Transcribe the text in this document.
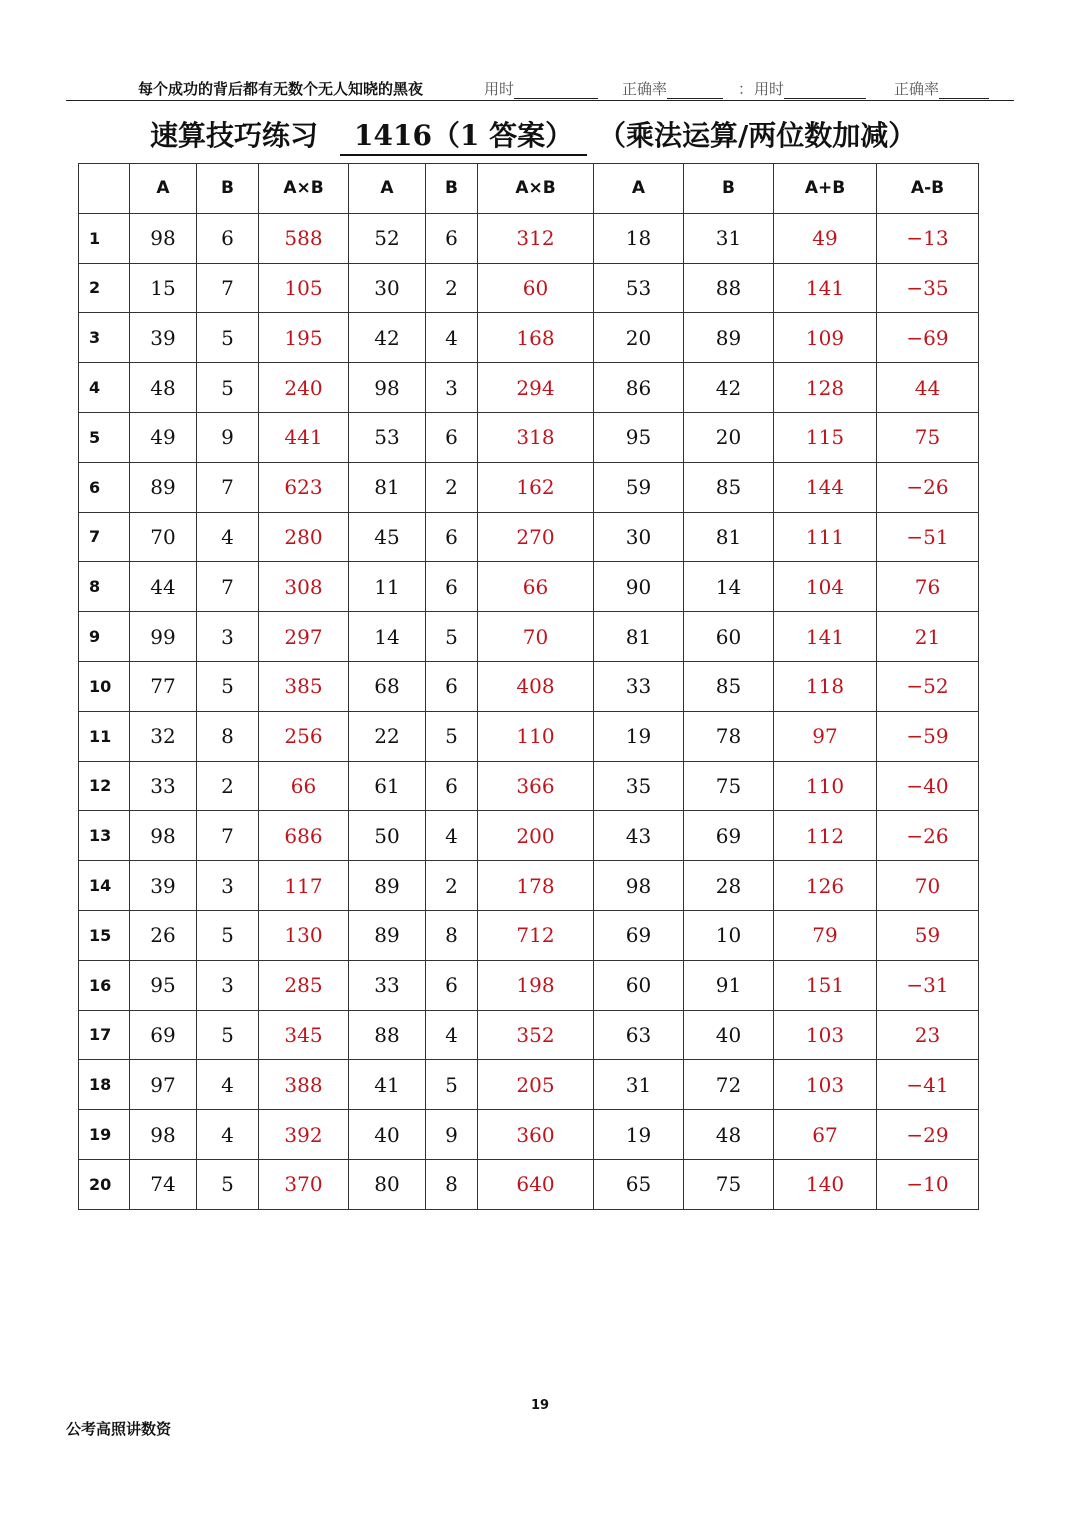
每个成功的背后都有无数个无人知晓的黑夜	用时	正确率	： 用时	正确率
速算技巧练习	1416（1 答案） （乘法运算/两位数加减）
	A	B	A×B	A	B	A×B	A	B	A+B	A-B
1	98	6	588	52	6	312	18	31	49	−13
2	15	7	105	30	2	60	53	88	141	−35
3	39	5	195	42	4	168	20	89	109	−69
4	48	5	240	98	3	294	86	42	128	44
5	49	9	441	53	6	318	95	20	115	75
6	89	7	623	81	2	162	59	85	144	−26
7	70	4	280	45	6	270	30	81	111	−51
8	44	7	308	11	6	66	90	14	104	76
9	99	3	297	14	5	70	81	60	141	21
10	77	5	385	68	6	408	33	85	118	−52
11	32	8	256	22	5	110	19	78	97	−59
12	33	2	66	61	6	366	35	75	110	−40
13	98	7	686	50	4	200	43	69	112	−26
14	39	3	117	89	2	178	98	28	126	70
15	26	5	130	89	8	712	69	10	79	59
16	95	3	285	33	6	198	60	91	151	−31
17	69	5	345	88	4	352	63	40	103	23
18	97	4	388	41	5	205	31	72	103	−41
19	98	4	392	40	9	360	19	48	67	−29
20	74	5	370	80	8	640	65	75	140	−10
19
公考高照讲数资
